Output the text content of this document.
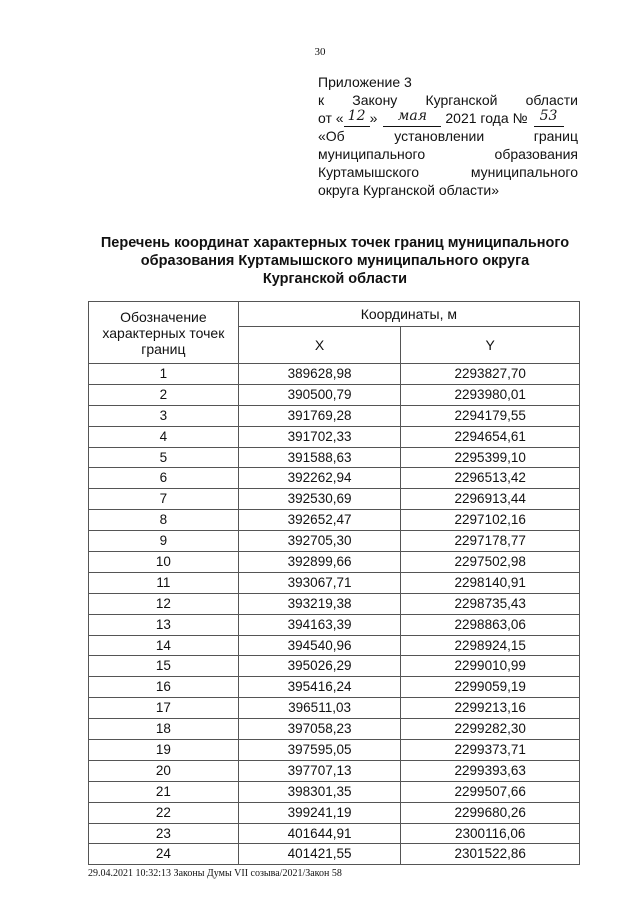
30
Приложение 3
к Закону Курганской области
от « 12 »	мая	2021 года № 53
«Об	установлении	границ
муниципального	образования
Куртамышского	муниципального
округа Курганской области»
Перечень координат характерных точек границ муниципального
образования Куртамышского муниципального округа
Курганской области
Обозначение характерных точек границ	Координаты, м	
	X	Y
1	389628,98	2293827,70
2	390500,79	2293980,01
3	391769,28	2294179,55
4	391702,33	2294654,61
5	391588,63	2295399,10
6	392262,94	2296513,42
7	392530,69	2296913,44
8	392652,47	2297102,16
9	392705,30	2297178,77
10	392899,66	2297502,98
11	393067,71	2298140,91
12	393219,38	2298735,43
13	394163,39	2298863,06
14	394540,96	2298924,15
15	395026,29	2299010,99
16	395416,24	2299059,19
17	396511,03	2299213,16
18	397058,23	2299282,30
19	397595,05	2299373,71
20	397707,13	2299393,63
21	398301,35	2299507,66
22	399241,19	2299680,26
23	401644,91	2300116,06
24	401421,55	2301522,86
29.04.2021 10:32:13 Законы Думы VII созыва/2021/Закон 58
